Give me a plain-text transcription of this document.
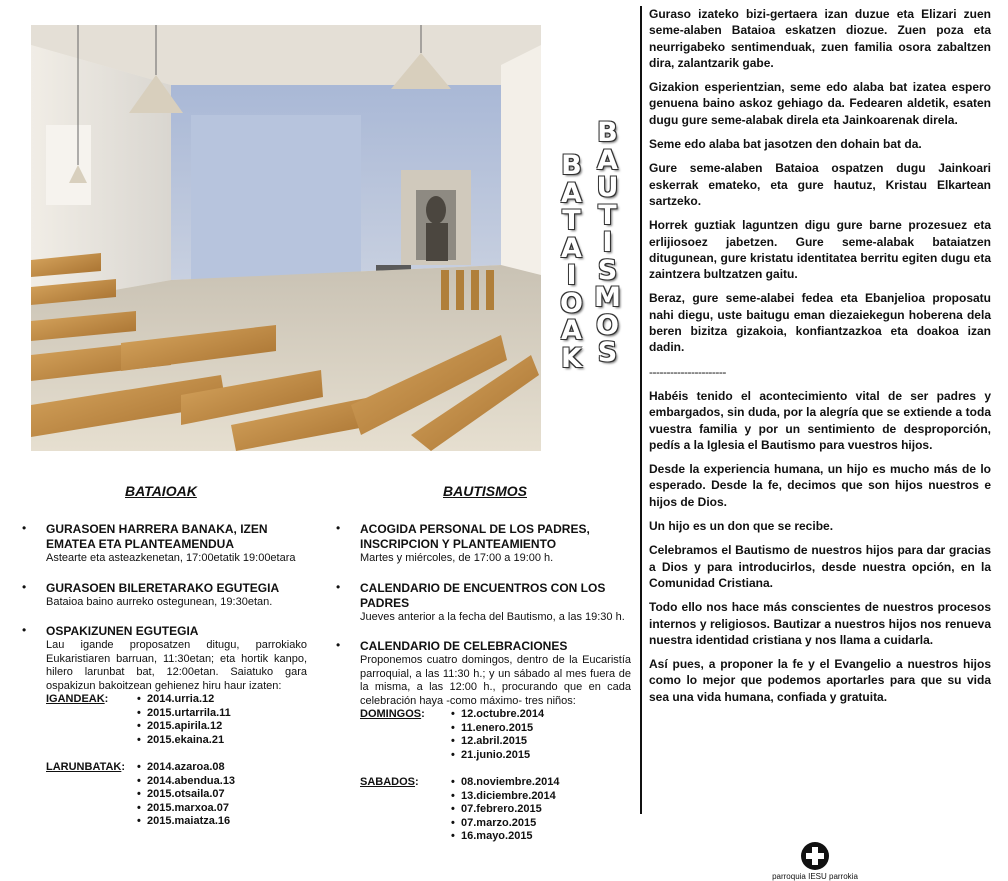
B
A
T
A
I
O
A
K
B
A
U
T
I
S
M
O
S
BATAIOAK	BAUTISMOS
• GURASOEN HARRERA BANAKA, IZEN EMATEA ETA PLANTEAMENDUA
Astearte eta asteazkenetan, 17:00etatik 19:00etara
• GURASOEN BILERETARAKO EGUTEGIA
Bataioa baino aurreko ostegunean, 19:30etan.
• OSPAKIZUNEN EGUTEGIA
Lau igande proposatzen ditugu, parrokiako Eukaristiaren barruan, 11:30etan; eta hortik kanpo, hilero larunbat bat, 12:00etan. Saiatuko gara ospakizun bakoitzean gehienez hiru haur izaten:
IGANDEAK:	• 2014.urria.12
• 2015.urtarrila.11
• 2015.apirila.12
• 2015.ekaina.21
LARUNBATAK:	• 2014.azaroa.08
• 2014.abendua.13
• 2015.otsaila.07
• 2015.marxoa.07
• 2015.maiatza.16
• ACOGIDA PERSONAL DE LOS PADRES, INSCRIPCION Y PLANTEAMIENTO
Martes y miércoles, de 17:00 a 19:00 h.
• CALENDARIO DE ENCUENTROS CON LOS PADRES
Jueves anterior a la fecha del Bautismo, a las 19:30 h.
• CALENDARIO DE CELEBRACIONES
Proponemos cuatro domingos, dentro de la Eucaristía parroquial, a las 11:30 h.; y un sábado al mes fuera de la misma, a las 12:00 h., procurando que en cada celebración haya -como máximo- tres niños:
DOMINGOS:	• 12.octubre.2014
• 11.enero.2015
• 12.abril.2015
• 21.junio.2015
SABADOS:	• 08.noviembre.2014
• 13.diciembre.2014
• 07.febrero.2015
• 07.marzo.2015
• 16.mayo.2015

Guraso izateko bizi-gertaera izan duzue eta Elizari zuen seme-alaben Bataioa eskatzen diozue. Zuen poza eta neurrigabeko sentimenduak, zuen familia osora zabaltzen dira, zalantzarik gabe.

Gizakion esperientzian, seme edo alaba bat izatea espero genuena baino askoz gehiago da. Fedearen aldetik, esaten dugu gure seme-alabak direla eta Jainkoarenak direla.

Seme edo alaba bat jasotzen den dohain bat da.

Gure seme-alaben Bataioa ospatzen dugu Jainkoari eskerrak emateko, eta gure hautuz, Kristau Elkartean sartzeko.

Horrek guztiak laguntzen digu gure barne prozesuez eta erlijiosoez jabetzen. Gure seme-alabak bataiatzen ditugunean, gure kristatu identitatea berritu egiten dugu eta zaintzera bultzatzen gaitu.

Beraz, gure seme-alabei fedea eta Ebanjelioa proposatu nahi diegu, uste baitugu eman diezaiekegun hoberena dela beren bizitza gizakoia, konfiantzazkoa eta doakoa izan dadin.

----------------------

Habéis tenido el acontecimiento vital de ser padres y embargados, sin duda, por la alegría que se extiende a toda vuestra familia y por un sentimiento de desproporción, pedís a la Iglesia el Bautismo para vuestros hijos.

Desde la experiencia humana, un hijo es mucho más de lo esperado. Desde la fe, decimos que son hijos nuestros e hijos de Dios.

Un hijo es un don que se recibe.

Celebramos el Bautismo de nuestros hijos para dar gracias a Dios y para introducirlos, desde nuestra opción, en la Comunidad Cristiana.

Todo ello nos hace más conscientes de nuestros procesos internos y religiosos. Bautizar a nuestros hijos nos renueva nuestra identidad cristiana y nos llama a cuidarla.

Así pues, a proponer la fe y el Evangelio a nuestros hijos como lo mejor que podemos aportarles para que su vida sea una vida humana, confiada y gratuita.

parroquia IESU parrokia
